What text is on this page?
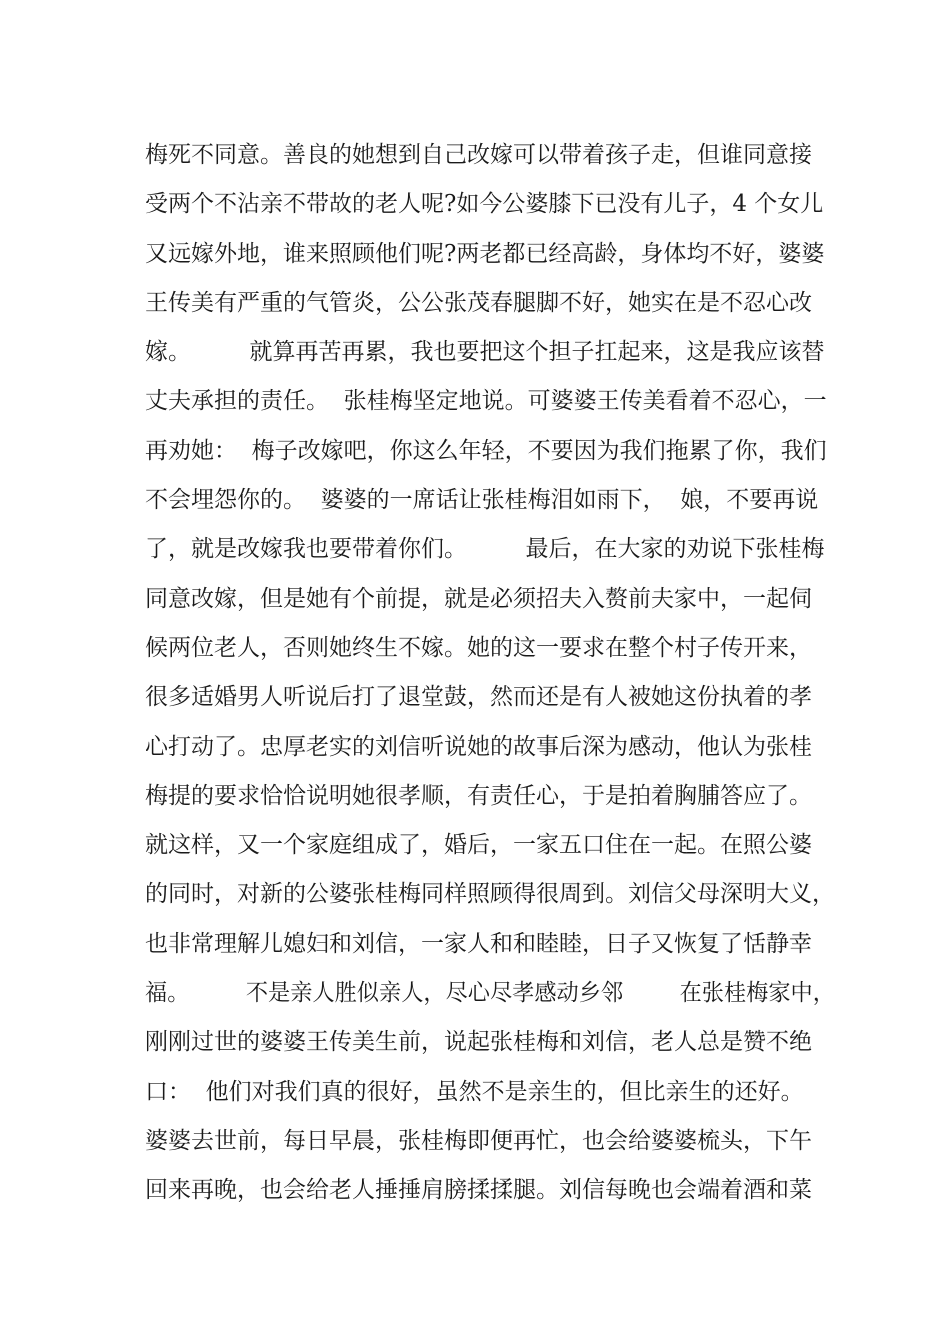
梅死不同意。善良的她想到自己改嫁可以带着孩子走，但谁同意接
受两个不沾亲不带故的老人呢?如今公婆膝下已没有儿子，4 个女儿
又远嫁外地，谁来照顾他们呢?两老都已经高龄，身体均不好，婆婆
王传美有严重的气管炎，公公张茂春腿脚不好，她实在是不忍心改
嫁。        就算再苦再累，我也要把这个担子扛起来，这是我应该替
丈夫承担的责任。  张桂梅坚定地说。可婆婆王传美看着不忍心，一
再劝她：  梅子改嫁吧，你这么年轻，不要因为我们拖累了你，我们
不会埋怨你的。  婆婆的一席话让张桂梅泪如雨下，  娘，不要再说
了，就是改嫁我也要带着你们。        最后，在大家的劝说下张桂梅
同意改嫁，但是她有个前提，就是必须招夫入赘前夫家中，一起伺
候两位老人，否则她终生不嫁。她的这一要求在整个村子传开来，
很多适婚男人听说后打了退堂鼓，然而还是有人被她这份执着的孝
心打动了。忠厚老实的刘信听说她的故事后深为感动，他认为张桂
梅提的要求恰恰说明她很孝顺，有责任心，于是拍着胸脯答应了。
就这样，又一个家庭组成了，婚后，一家五口住在一起。在照公婆
的同时，对新的公婆张桂梅同样照顾得很周到。刘信父母深明大义，
也非常理解儿媳妇和刘信，一家人和和睦睦，日子又恢复了恬静幸
福。        不是亲人胜似亲人，尽心尽孝感动乡邻        在张桂梅家中，
刚刚过世的婆婆王传美生前，说起张桂梅和刘信，老人总是赞不绝
口：  他们对我们真的很好，虽然不是亲生的，但比亲生的还好。
婆婆去世前，每日早晨，张桂梅即便再忙，也会给婆婆梳头，下午
回来再晚，也会给老人捶捶肩膀揉揉腿。刘信每晚也会端着酒和菜
